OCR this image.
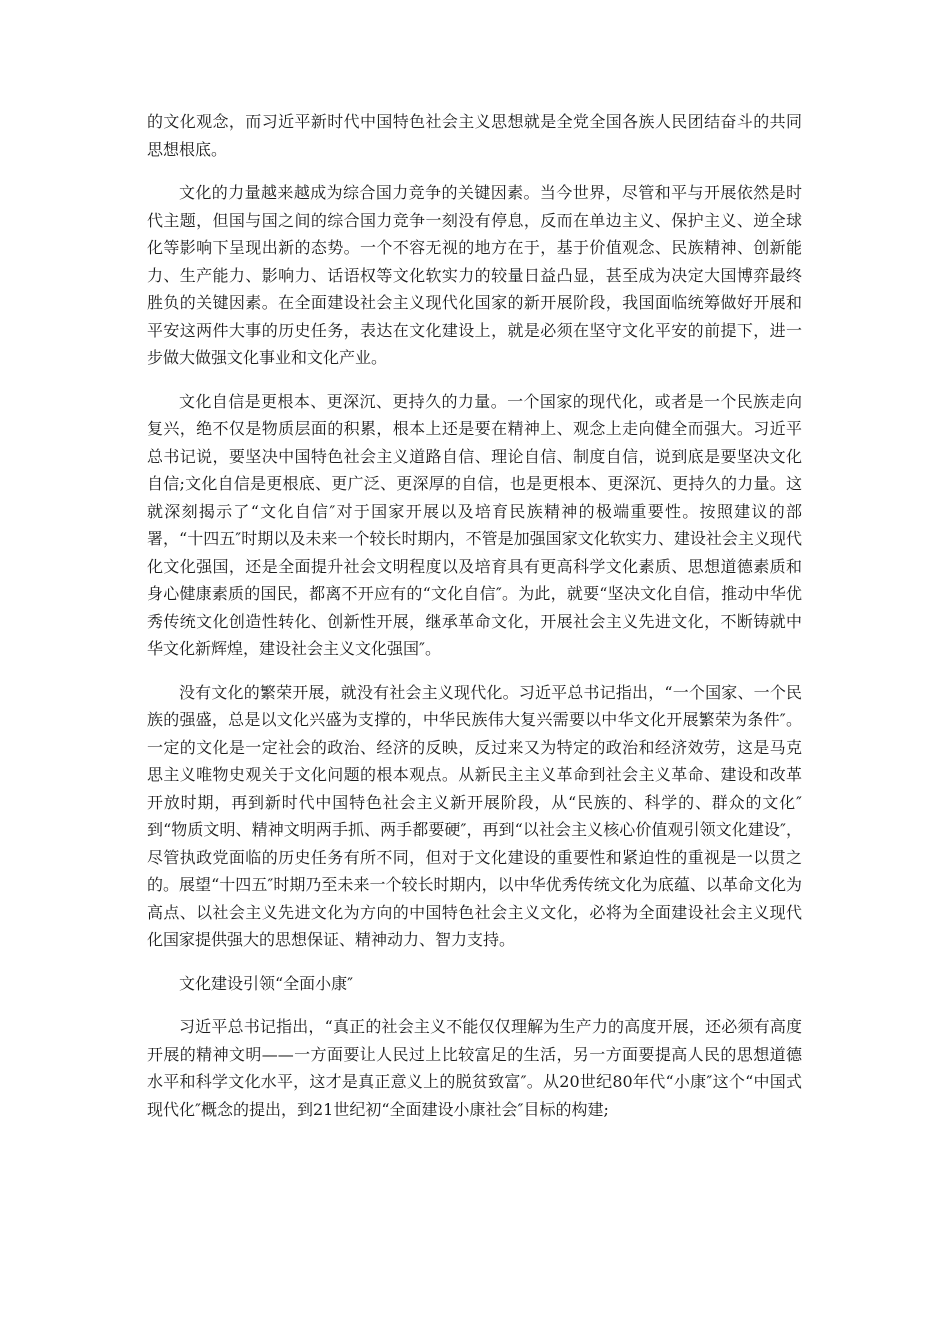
的文化观念，而习近平新时代中国特色社会主义思想就是全党全国各族人民团结奋斗的共同思想根底。

文化的力量越来越成为综合国力竞争的关键因素。当今世界，尽管和平与开展依然是时代主题，但国与国之间的综合国力竞争一刻没有停息，反而在单边主义、保护主义、逆全球化等影响下呈现出新的态势。一个不容无视的地方在于，基于价值观念、民族精神、创新能力、生产能力、影响力、话语权等文化软实力的较量日益凸显，甚至成为决定大国博弈最终胜负的关键因素。在全面建设社会主义现代化国家的新开展阶段，我国面临统筹做好开展和平安这两件大事的历史任务，表达在文化建设上，就是必须在坚守文化平安的前提下，进一步做大做强文化事业和文化产业。

文化自信是更根本、更深沉、更持久的力量。一个国家的现代化，或者是一个民族走向复兴，绝不仅是物质层面的积累，根本上还是要在精神上、观念上走向健全而强大。习近平总书记说，要坚决中国特色社会主义道路自信、理论自信、制度自信，说到底是要坚决文化自信;文化自信是更根底、更广泛、更深厚的自信，也是更根本、更深沉、更持久的力量。这就深刻揭示了“文化自信″对于国家开展以及培育民族精神的极端重要性。按照建议的部署，“十四五″时期以及未来一个较长时期内，不管是加强国家文化软实力、建设社会主义现代化文化强国，还是全面提升社会文明程度以及培育具有更高科学文化素质、思想道德素质和身心健康素质的国民，都离不开应有的“文化自信″。为此，就要“坚决文化自信，推动中华优秀传统文化创造性转化、创新性开展，继承革命文化，开展社会主义先进文化，不断铸就中华文化新辉煌，建设社会主义文化强国″。

没有文化的繁荣开展，就没有社会主义现代化。习近平总书记指出，“一个国家、一个民族的强盛，总是以文化兴盛为支撑的，中华民族伟大复兴需要以中华文化开展繁荣为条件″。一定的文化是一定社会的政治、经济的反映，反过来又为特定的政治和经济效劳，这是马克思主义唯物史观关于文化问题的根本观点。从新民主主义革命到社会主义革命、建设和改革开放时期，再到新时代中国特色社会主义新开展阶段，从“民族的、科学的、群众的文化″到“物质文明、精神文明两手抓、两手都要硬″，再到“以社会主义核心价值观引领文化建设″，尽管执政党面临的历史任务有所不同，但对于文化建设的重要性和紧迫性的重视是一以贯之的。展望“十四五″时期乃至未来一个较长时期内，以中华优秀传统文化为底蕴、以革命文化为高点、以社会主义先进文化为方向的中国特色社会主义文化，必将为全面建设社会主义现代化国家提供强大的思想保证、精神动力、智力支持。

文化建设引领“全面小康″

习近平总书记指出，“真正的社会主义不能仅仅理解为生产力的高度开展，还必须有高度开展的精神文明——一方面要让人民过上比较富足的生活，另一方面要提高人民的思想道德水平和科学文化水平，这才是真正意义上的脱贫致富″。从20世纪80年代“小康″这个“中国式现代化″概念的提出，到21世纪初“全面建设小康社会″目标的构建;
